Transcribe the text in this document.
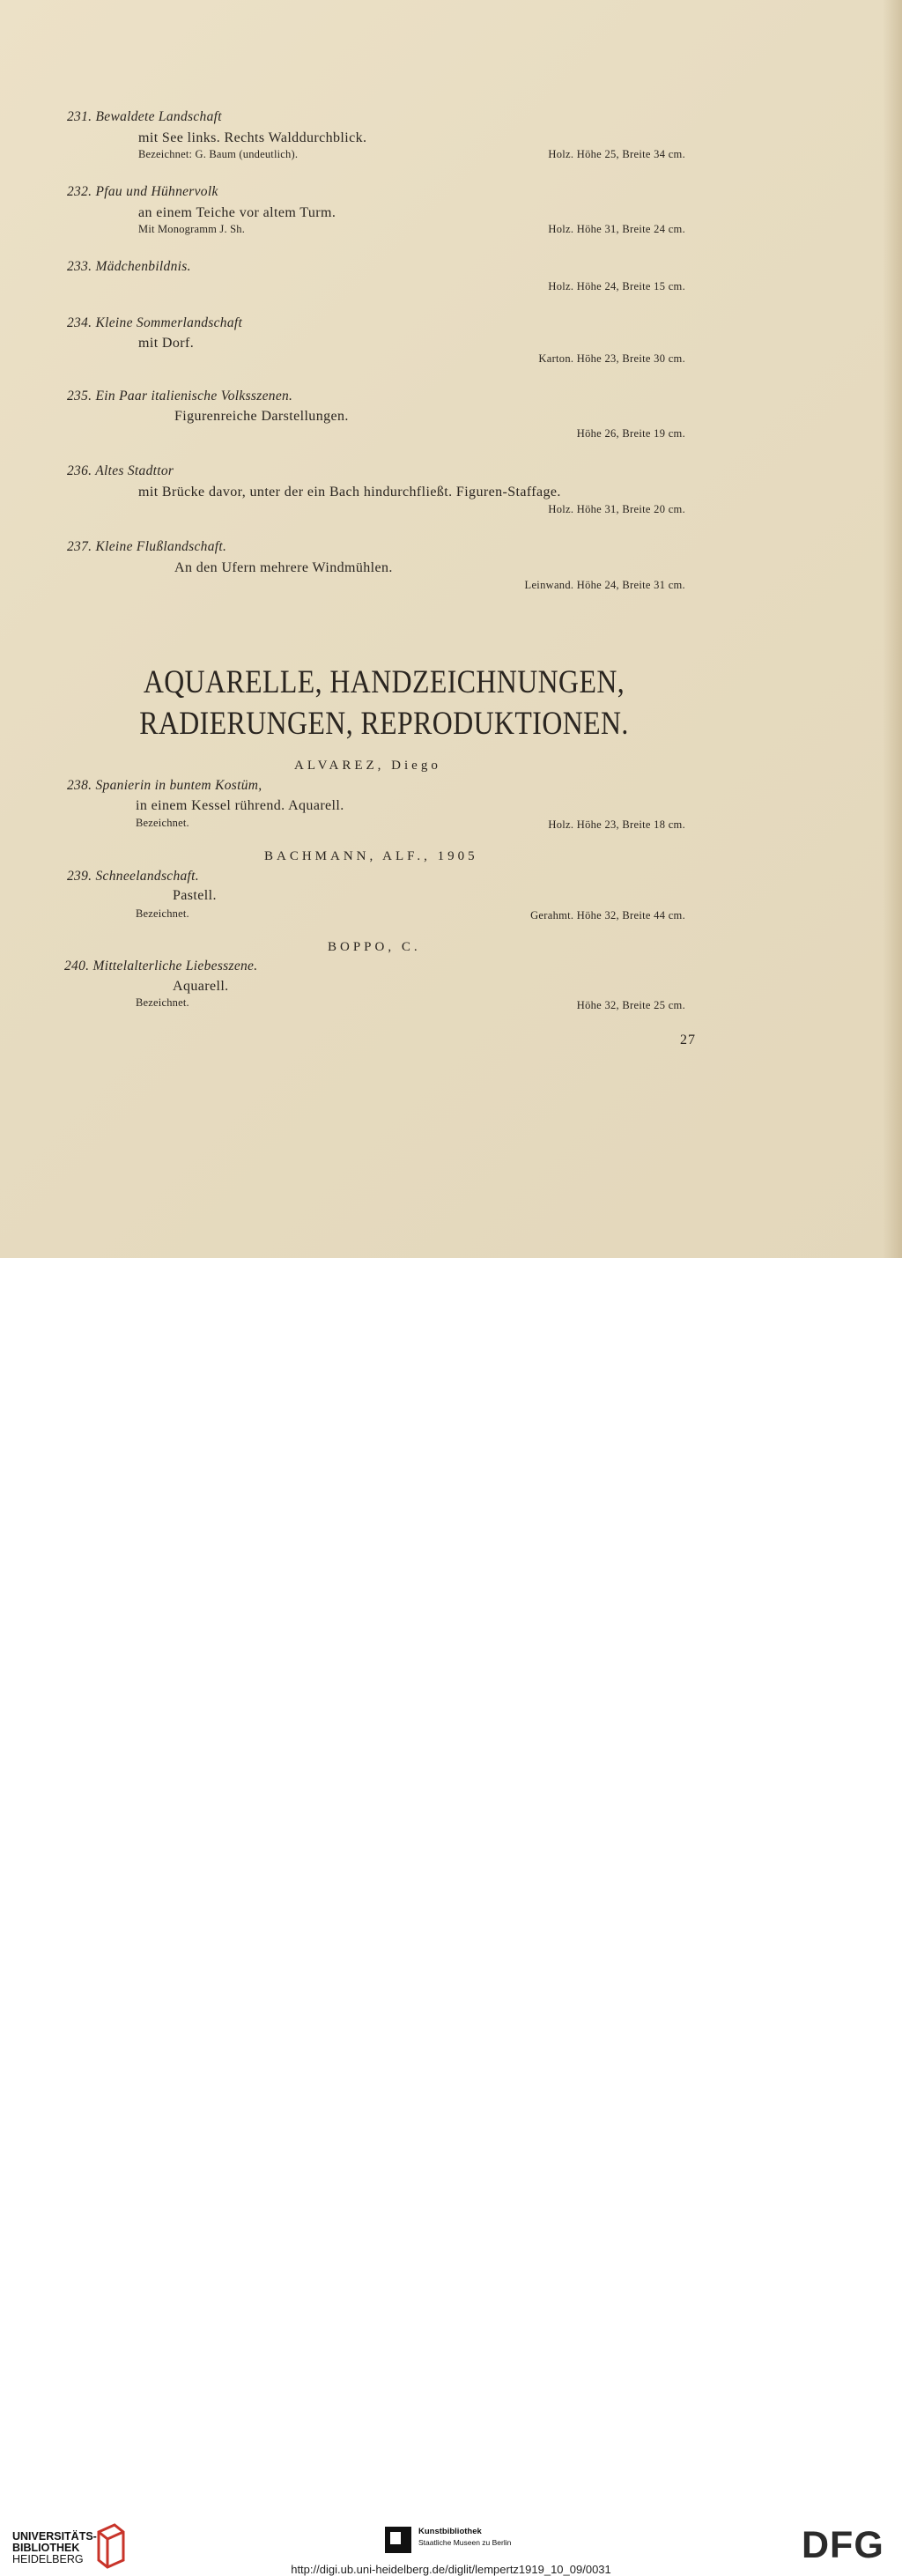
231. Bewaldete Landschaft
mit See links. Rechts Walddurchblick.
Bezeichnet: G. Baum (undeutlich).	Holz. Höhe 25, Breite 34 cm.
232. Pfau und Hühnervolk
an einem Teiche vor altem Turm.
Mit Monogramm J. Sh.	Holz. Höhe 31, Breite 24 cm.
233. Mädchenbildnis.
Holz. Höhe 24, Breite 15 cm.
234. Kleine Sommerlandschaft
mit Dorf.
Karton. Höhe 23, Breite 30 cm.
235. Ein Paar italienische Volksszenen.
Figurenreiche Darstellungen.
Höhe 26, Breite 19 cm.
236. Altes Stadttor
mit Brücke davor, unter der ein Bach hindurchfließt. Figuren-Staffage.
Holz. Höhe 31, Breite 20 cm.
237. Kleine Flußlandschaft.
An den Ufern mehrere Windmühlen.
Leinwand. Höhe 24, Breite 31 cm.
AQUARELLE, HANDZEICHNUNGEN,
RADIERUNGEN, REPRODUKTIONEN.
ALVAREZ, Diego
238. Spanierin in buntem Kostüm,
in einem Kessel rührend. Aquarell.
Bezeichnet.	Holz. Höhe 23, Breite 18 cm.
BACHMANN, ALF., 1905
239. Schneelandschaft.
Pastell.
Bezeichnet.	Gerahmt. Höhe 32, Breite 44 cm.
BOPPO, C.
240. Mittelalterliche Liebesszene.
Aquarell.
Bezeichnet.	Höhe 32, Breite 25 cm.
27
UNIVERSITÄTS-
BIBLIOTHEK
HEIDELBERG
Kunstbibliothek
Staatliche Museen zu Berlin	DFG
http://digi.ub.uni-heidelberg.de/diglit/lempertz1919_10_09/0031
